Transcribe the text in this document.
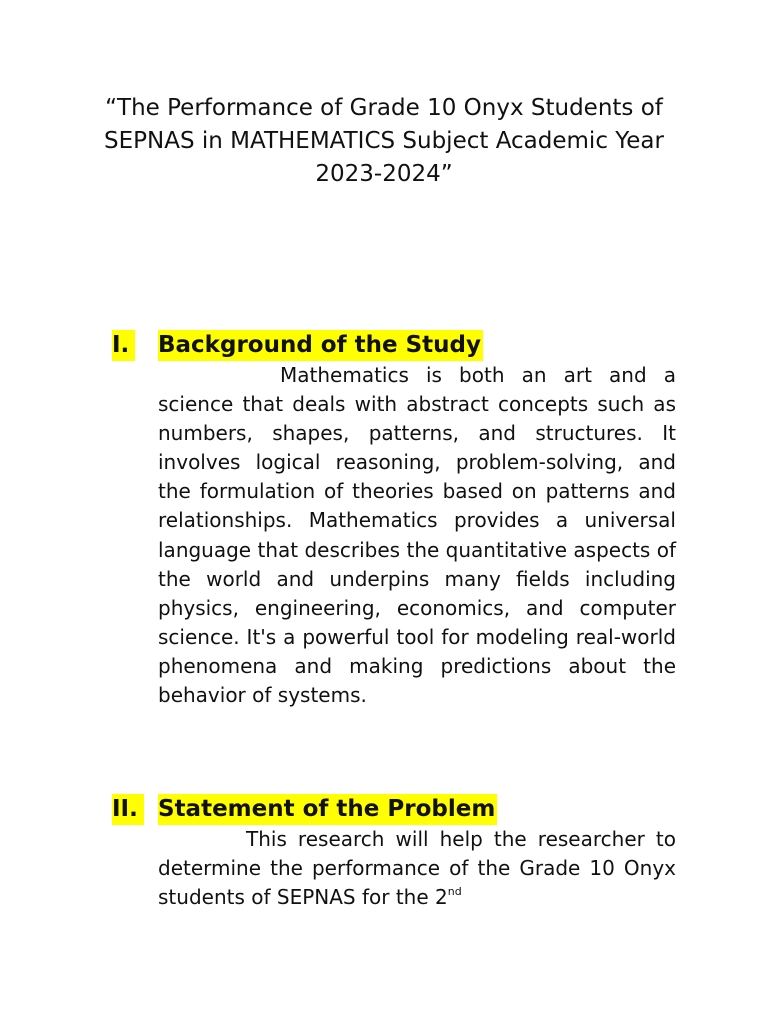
“The Performance of Grade 10 Onyx Students of SEPNAS in MATHEMATICS Subject Academic Year 2023-2024”
I. Background of the Study

Mathematics is both an art and a science that deals with abstract concepts such as numbers, shapes, patterns, and structures. It involves logical reasoning, problem-solving, and the formulation of theories based on patterns and relationships. Mathematics provides a universal language that describes the quantitative aspects of the world and underpins many fields including physics, engineering, economics, and computer science. It's a powerful tool for modeling real-world phenomena and making predictions about the behavior of systems.

II. Statement of the Problem

This research will help the researcher to determine the performance of the Grade 10 Onyx students of SEPNAS for the 2nd
